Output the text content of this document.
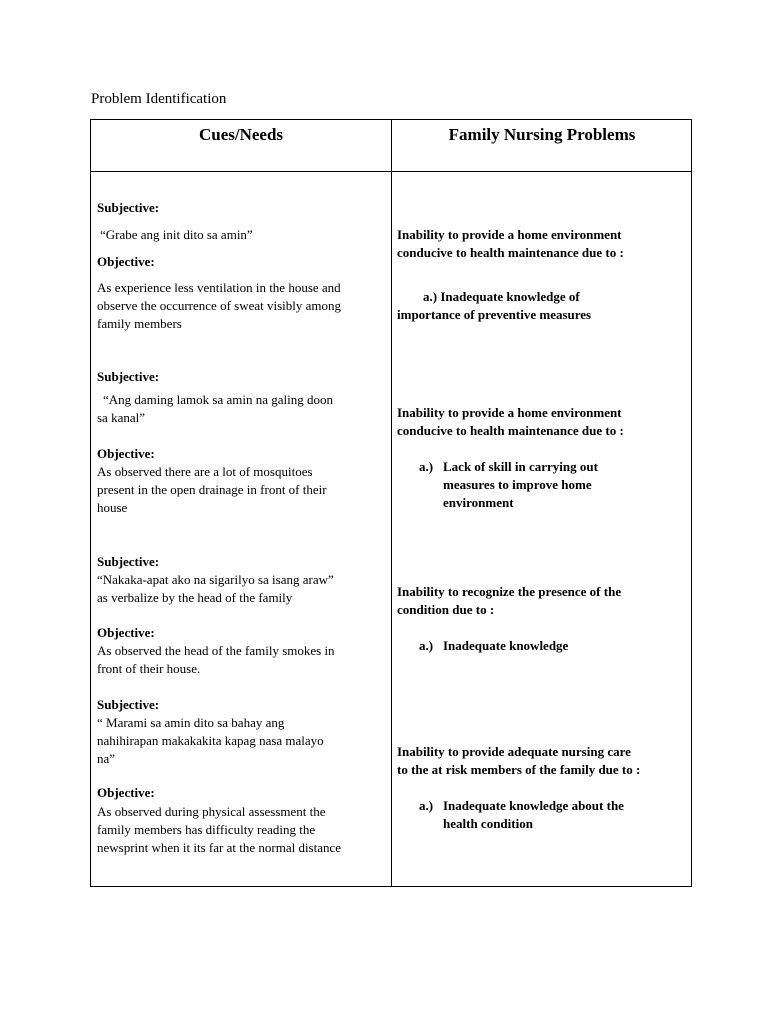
Problem Identification
Cues/Needs	Family Nursing Problems
Subjective:
“Grabe ang init dito sa amin”
Objective:
As experience less ventilation in the house and
observe the occurrence of sweat visibly among
family members
Inability to provide a home environment
conducive to health maintenance due to :
a.) Inadequate knowledge of
importance of preventive measures
Subjective:
“Ang daming lamok sa amin na galing doon
sa kanal”
Objective:
As observed there are a lot of mosquitoes
present in the open drainage in front of their
house
Inability to provide a home environment
conducive to health maintenance due to :
a.) Lack of skill in carrying out
measures to improve home
environment
Subjective:
“Nakaka-apat ako na sigarilyo sa isang araw”
as verbalize by the head of the family
Objective:
As observed the head of the family smokes in
front of their house.
Inability to recognize the presence of the
condition due to :
a.) Inadequate knowledge
Subjective:
“ Marami sa amin dito sa bahay ang
nahihirapan makakakita kapag nasa malayo
na”
Objective:
As observed during physical assessment the
family members has difficulty reading the
newsprint when it its far at the normal distance
Inability to provide adequate nursing care
to the at risk members of the family due to :
a.) Inadequate knowledge about the
health condition
